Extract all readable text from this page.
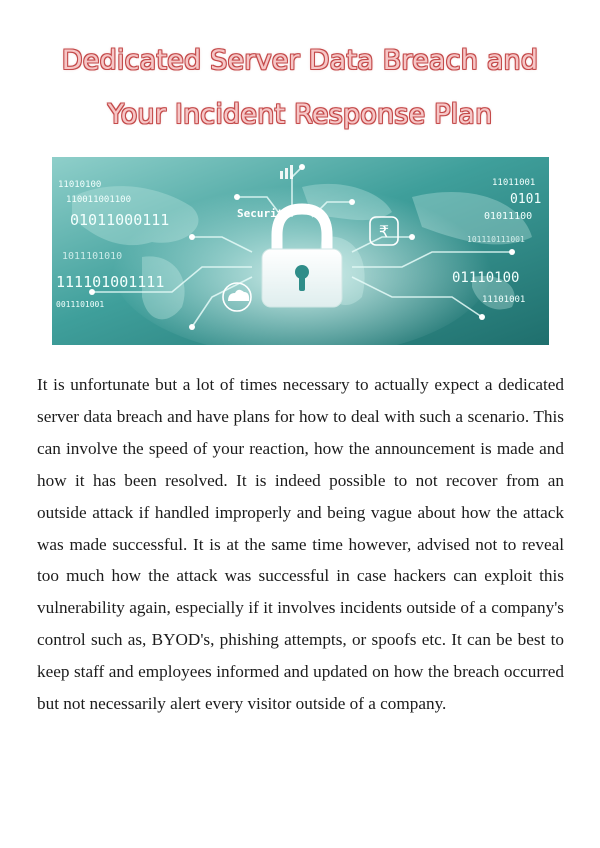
Dedicated Server Data Breach and
Your Incident Response Plan
₹
11010100
110011001100
01011000111
1011101010
111101001111
0011101001
11011001
0101
01011100
101110111001
01110100
11101001
Security

It is unfortunate but a lot of times necessary to actually expect a dedicated server data breach and have plans for how to deal with such a scenario. This can involve the speed of your reaction, how the announcement is made and how it has been resolved. It is indeed possible to not recover from an outside attack if handled improperly and being vague about how the attack was made successful. It is at the same time however, advised not to reveal too much how the attack was successful in case hackers can exploit this vulnerability again, especially if it involves incidents outside of a company's control such as, BYOD's, phishing attempts, or spoofs etc. It can be best to keep staff and employees informed and updated on how the breach occurred but not necessarily alert every visitor outside of a company.
